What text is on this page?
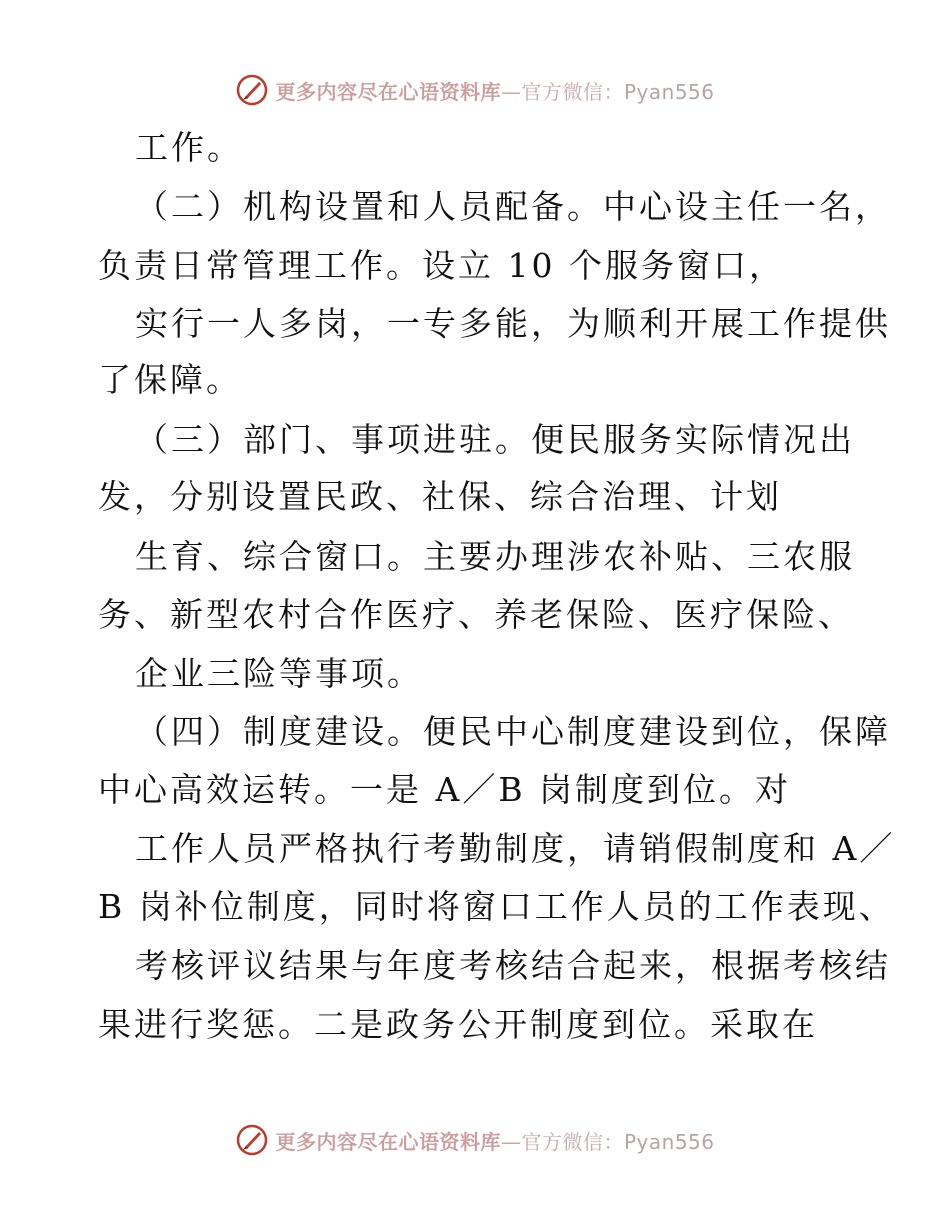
更多内容尽在心语资料库—官方微信：Pyan556
工作。
（二）机构设置和人员配备。中心设主任一名，
负责日常管理工作。设立 10 个服务窗口，
实行一人多岗，一专多能，为顺利开展工作提供
了保障。
（三）部门、事项进驻。便民服务实际情况出
发，分别设置民政、社保、综合治理、计划
生育、综合窗口。主要办理涉农补贴、三农服
务、新型农村合作医疗、养老保险、医疗保险、
企业三险等事项。
（四）制度建设。便民中心制度建设到位，保障
中心高效运转。一是 A／B 岗制度到位。对
工作人员严格执行考勤制度，请销假制度和 A／
B 岗补位制度，同时将窗口工作人员的工作表现、
考核评议结果与年度考核结合起来，根据考核结
果进行奖惩。二是政务公开制度到位。采取在
更多内容尽在心语资料库—官方微信：Pyan556
